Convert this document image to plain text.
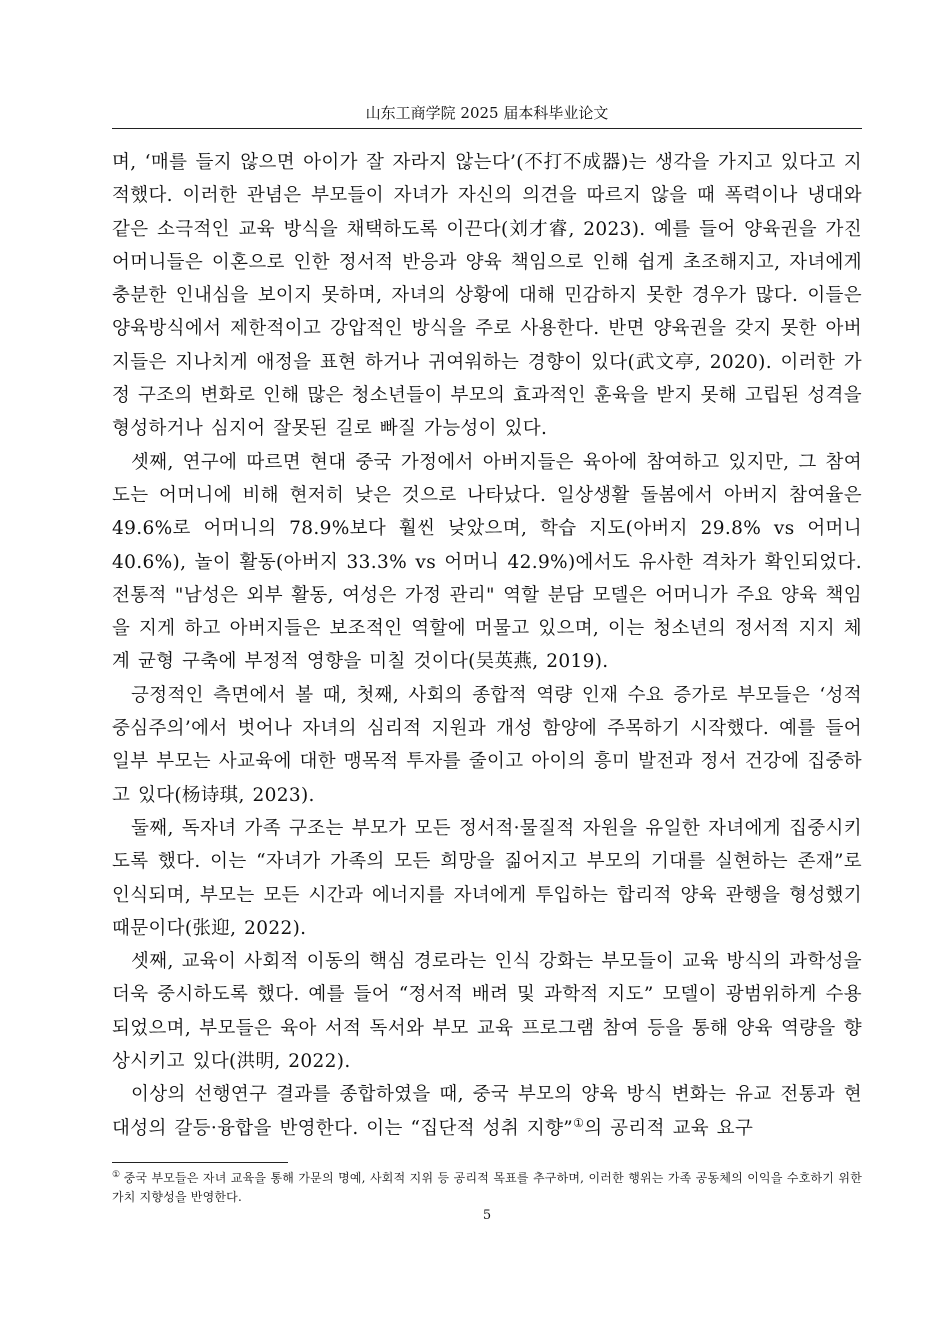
山东工商学院 2025 届本科毕业论文

며, ‘매를 들지 않으면 아이가 잘 자라지 않는다’(不打不成器)는 생각을 가지고 있다고 지적했다. 이러한 관념은 부모들이 자녀가 자신의 의견을 따르지 않을 때 폭력이나 냉대와 같은 소극적인 교육 방식을 채택하도록 이끈다(刘才睿, 2023). 예를 들어 양육권을 가진 어머니들은 이혼으로 인한 정서적 반응과 양육 책임으로 인해 쉽게 초조해지고, 자녀에게 충분한 인내심을 보이지 못하며, 자녀의 상황에 대해 민감하지 못한 경우가 많다. 이들은 양육방식에서 제한적이고 강압적인 방식을 주로 사용한다. 반면 양육권을 갖지 못한 아버지들은 지나치게 애정을 표현 하거나 귀여워하는 경향이 있다(武文亭, 2020). 이러한 가정 구조의 변화로 인해 많은 청소년들이 부모의 효과적인 훈육을 받지 못해 고립된 성격을 형성하거나 심지어 잘못된 길로 빠질 가능성이 있다.

셋째, 연구에 따르면 현대 중국 가정에서 아버지들은 육아에 참여하고 있지만, 그 참여도는 어머니에 비해 현저히 낮은 것으로 나타났다. 일상생활 돌봄에서 아버지 참여율은 49.6%로 어머니의 78.9%보다 훨씬 낮았으며, 학습 지도(아버지 29.8% vs 어머니 40.6%), 놀이 활동(아버지 33.3% vs 어머니 42.9%)에서도 유사한 격차가 확인되었다. 전통적 "남성은 외부 활동, 여성은 가정 관리" 역할 분담 모델은 어머니가 주요 양육 책임을 지게 하고 아버지들은 보조적인 역할에 머물고 있으며, 이는 청소년의 정서적 지지 체계 균형 구축에 부정적 영향을 미칠 것이다(吴英燕, 2019).

긍정적인 측면에서 볼 때, 첫째, 사회의 종합적 역량 인재 수요 증가로 부모들은 ‘성적 중심주의’에서 벗어나 자녀의 심리적 지원과 개성 함양에 주목하기 시작했다. 예를 들어 일부 부모는 사교육에 대한 맹목적 투자를 줄이고 아이의 흥미 발전과 정서 건강에 집중하고 있다(杨诗琪, 2023).

둘째, 독자녀 가족 구조는 부모가 모든 정서적·물질적 자원을 유일한 자녀에게 집중시키도록 했다. 이는 “자녀가 가족의 모든 희망을 짊어지고 부모의 기대를 실현하는 존재”로 인식되며, 부모는 모든 시간과 에너지를 자녀에게 투입하는 합리적 양육 관행을 형성했기 때문이다(张迎, 2022).

셋째, 교육이 사회적 이동의 핵심 경로라는 인식 강화는 부모들이 교육 방식의 과학성을 더욱 중시하도록 했다. 예를 들어 “정서적 배려 및 과학적 지도” 모델이 광범위하게 수용되었으며, 부모들은 육아 서적 독서와 부모 교육 프로그램 참여 등을 통해 양육 역량을 향상시키고 있다(洪明, 2022).

이상의 선행연구 결과를 종합하였을 때, 중국 부모의 양육 방식 변화는 유교 전통과 현대성의 갈등·융합을 반영한다. 이는 “집단적 성취 지향”①의 공리적 교육 요구

① 중국 부모들은 자녀 교육을 통해 가문의 명예, 사회적 지위 등 공리적 목표를 추구하며, 이러한 행위는 가족 공동체의 이익을 수호하기 위한 가치 지향성을 반영한다.
5
